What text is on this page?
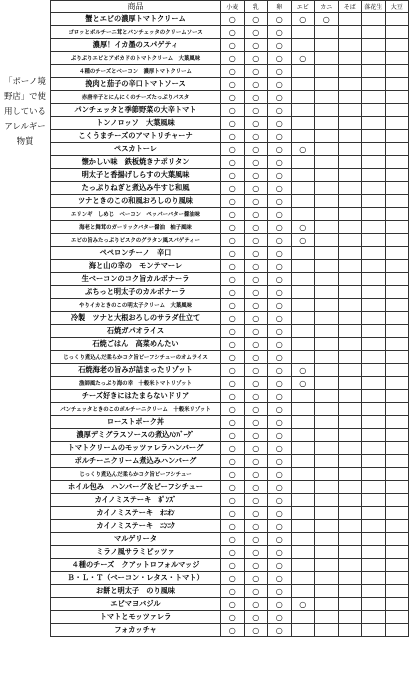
「ポーノ境野店」で使用しているアレルギー物質
商品	小麦	乳	卵	エビ	カニ	そば	落花生	大豆
蟹とエビの濃厚トマトクリーム	○	○	○	○	○			
ゴロッとボルチーニ茸とパンチェッタのクリームソース	○	○	○					
濃厚！イカ墨のスパゲティ	○	○	○					
ぷりぷりエビとアボカドのトマトクリーム　大葉風味	○	○	○	○				
４種のチーズとベーコン　濃厚トマトクリーム	○	○	○					
挽肉と茄子の辛口トマトソース	○	○	○					
赤唐辛子とにんにくのチーズたっぷりパスタ	○	○	○					
パンチェッタと季節野菜の大辛トマト	○	○	○					
トンノロッソ　大葉風味	○	○	○					
こくうまチーズのアマトリチャーナ	○	○	○					
ペスカトーレ	○	○	○	○				
懐かしい味　鉄板焼きナポリタン	○	○	○					
明太子と香揚げしらすの大葉風味	○	○	○					
たっぷりねぎと煮込み牛すじ和風	○	○	○					
ツナときのこの和風おろしのり風味	○	○	○					
エリンギ　しめじ　ベーコン　ペッパーバター醤油味	○	○	○					
海老と舞茸のガーリックバター醤油　柚子風味	○	○	○	○				
エビの旨みたっぷりビスクのグラタン風スパゲティー	○	○	○	○				
ペペロンチーノ　辛口	○	○	○					
海と山の幸の　モンテマーレ	○	○	○					
生ベーコンのコク旨カルボナーラ	○	○	○					
ぷちっと明太子のカルボナーラ	○	○	○					
やりイカときのこの明太子クリーム　大葉風味	○	○	○					
冷製　ツナと大根おろしのサラダ仕立て	○	○	○					
石焼ガパオライス	○	○	○					
石焼ごはん　高菜めんたい	○	○	○					
じっくり煮込んだ柔らかコク旨ビーフシチューのオムライス	○	○	○					
石焼海老の旨みが詰まったリゾット	○	○	○	○				
漁師風たっぷり海の幸　十穀米トマトリゾット	○	○	○	○				
チーズ好きにはたまらないドリア	○	○	○					
パンチェッタときのこのポルチーニクリーム　十穀米リゾット	○	○	○					
ローストポーク丼	○	○	○					
濃厚デミグラスソースの煮込ﾊﾝﾊﾞｰｸﾞ	○	○	○					
トマトクリームのモッツァレラハンバーグ	○	○	○					
ポルチーニクリーム煮込みハンバーグ	○	○	○					
じっくり煮込んだ柔らかコク旨ビーフシチュー	○	○	○					
ホイル包み　ハンバーグ＆ビーフシチュー	○	○	○					
カイノミステーキ　ﾎﾟﾝｽﾞ	○	○	○					
カイノミステーキ　ｵﾆｵﾝ	○	○	○					
カイノミステーキ　ﾆﾝﾆｸ	○	○	○					
マルゲリータ	○	○	○					
ミラノ風サラミピッツァ	○	○	○					
４種のチーズ　クアットロフォルマッジ	○	○	○					
Ｂ・Ｌ・Ｔ（ベーコン・レタス・トマト）	○	○	○					
お餅と明太子　のり風味	○	○	○					
エビマヨバジル	○	○	○	○				
トマトとモッツァレラ	○	○	○					
フォカッチャ	○	○	○					
